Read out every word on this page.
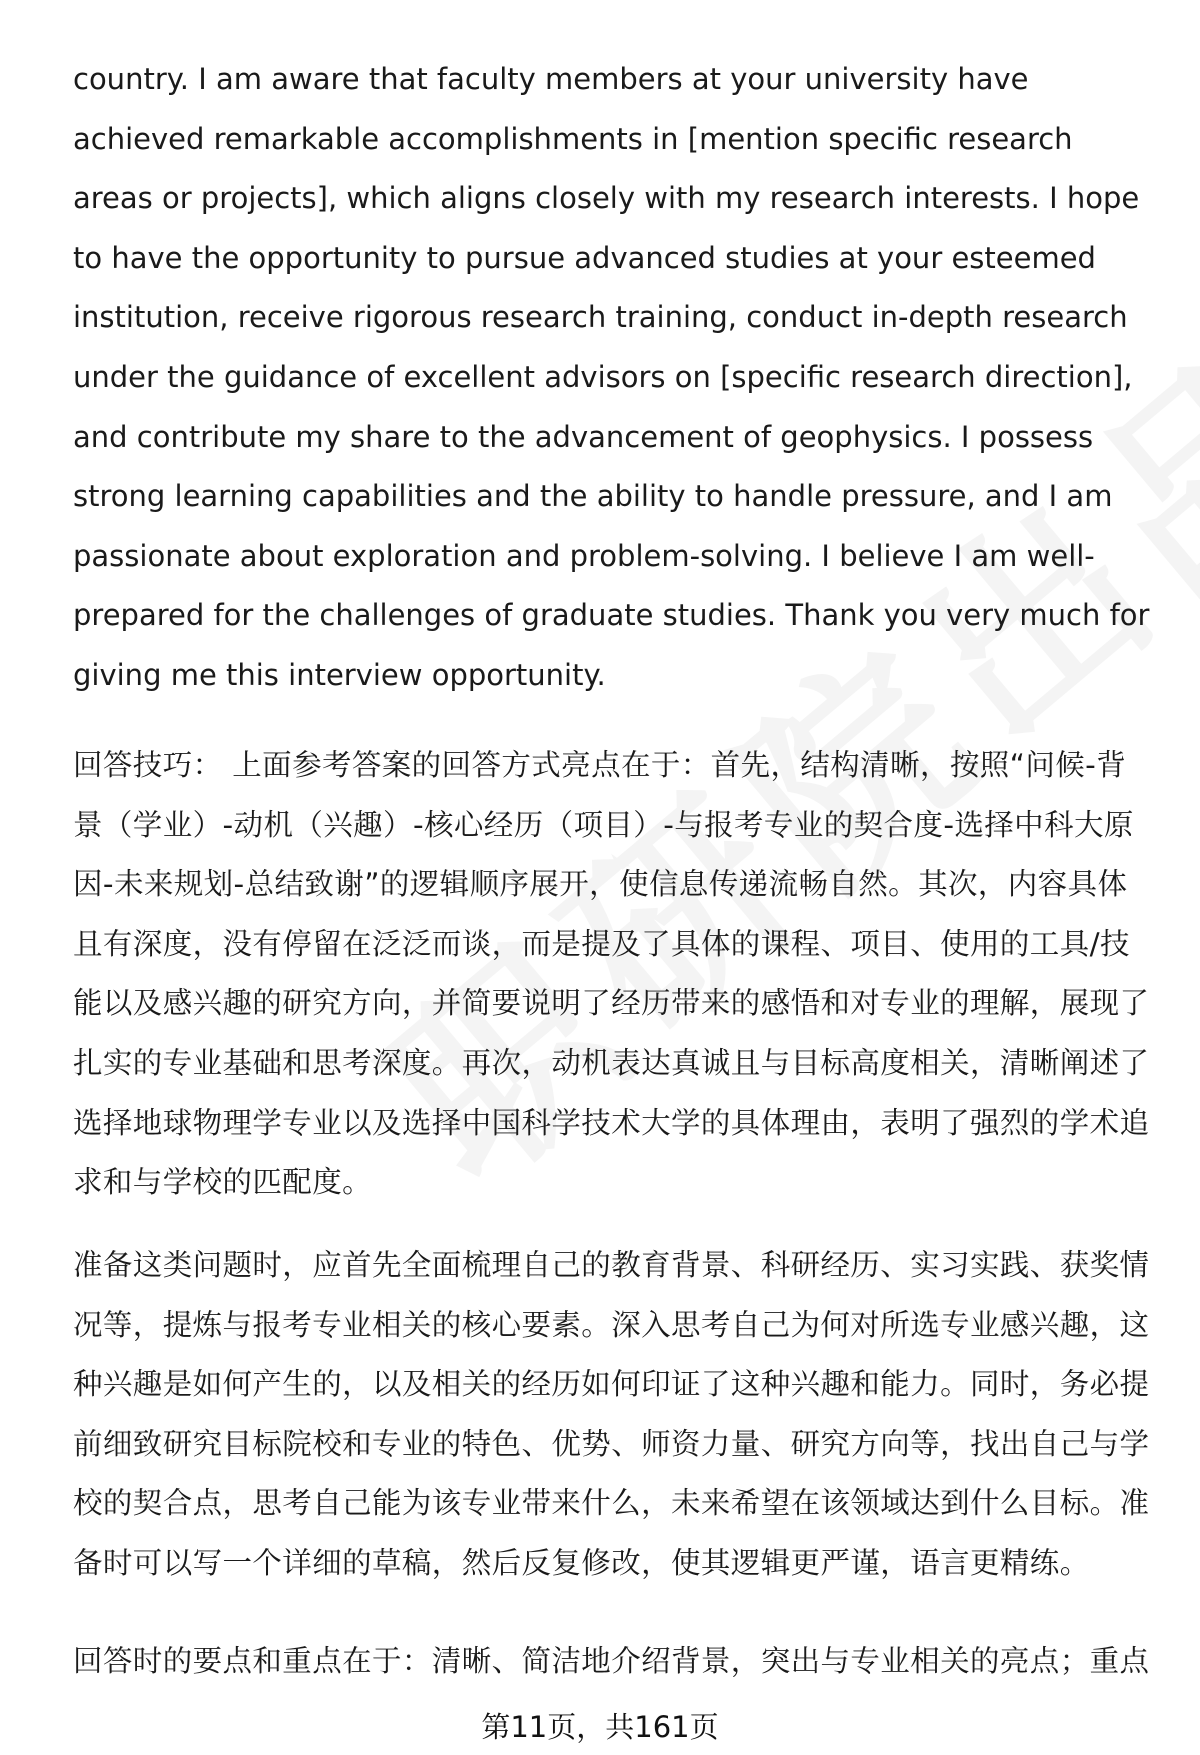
country. I am aware that faculty members at your university have achieved remarkable accomplishments in [mention specific research areas or projects], which aligns closely with my research interests. I hope to have the opportunity to pursue advanced studies at your esteemed institution, receive rigorous research training, conduct in-depth research under the guidance of excellent advisors on [specific research direction], and contribute my share to the advancement of geophysics. I possess strong learning capabilities and the ability to handle pressure, and I am passionate about exploration and problem-solving. I believe I am well-prepared for the challenges of graduate studies. Thank you very much for giving me this interview opportunity.

回答技巧： 上面参考答案的回答方式亮点在于：首先，结构清晰，按照“问候-背景（学业）-动机（兴趣）-核心经历（项目）-与报考专业的契合度-选择中科大原因-未来规划-总结致谢”的逻辑顺序展开，使信息传递流畅自然。其次，内容具体且有深度，没有停留在泛泛而谈，而是提及了具体的课程、项目、使用的工具/技能以及感兴趣的研究方向，并简要说明了经历带来的感悟和对专业的理解，展现了扎实的专业基础和思考深度。再次，动机表达真诚且与目标高度相关，清晰阐述了选择地球物理学专业以及选择中国科学技术大学的具体理由，表明了强烈的学术追求和与学校的匹配度。

准备这类问题时，应首先全面梳理自己的教育背景、科研经历、实习实践、获奖情况等，提炼与报考专业相关的核心要素。深入思考自己为何对所选专业感兴趣，这种兴趣是如何产生的，以及相关的经历如何印证了这种兴趣和能力。同时，务必提前细致研究目标院校和专业的特色、优势、师资力量、研究方向等，找出自己与学校的契合点，思考自己能为该专业带来什么，未来希望在该领域达到什么目标。准备时可以写一个详细的草稿，然后反复修改，使其逻辑更严谨，语言更精练。

回答时的要点和重点在于：清晰、简洁地介绍背景，突出与专业相关的亮点；重点

第11页，共161页
